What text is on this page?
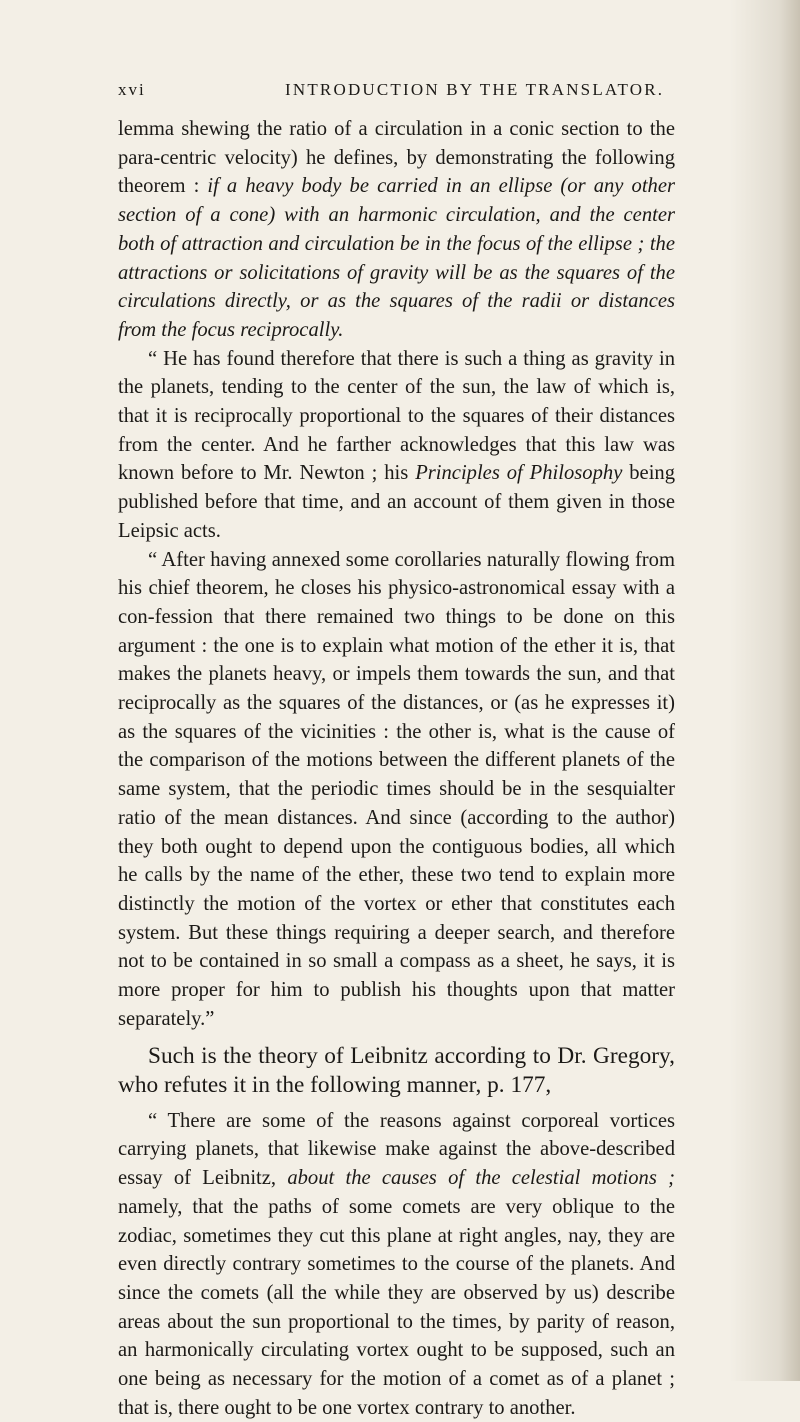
xvi	INTRODUCTION BY THE TRANSLATOR.

lemma shewing the ratio of a circulation in a conic section to the para-centric velocity) he defines, by demonstrating the following theorem : if a heavy body be carried in an ellipse (or any other section of a cone) with an harmonic circulation, and the center both of attraction and circulation be in the focus of the ellipse ; the attractions or solicitations of gravity will be as the squares of the circulations directly, or as the squares of the radii or distances from the focus reciprocally.

“ He has found therefore that there is such a thing as gravity in the planets, tending to the center of the sun, the law of which is, that it is reciprocally proportional to the squares of their distances from the center. And he farther acknowledges that this law was known before to Mr. Newton ; his Principles of Philosophy being published before that time, and an account of them given in those Leipsic acts.

“ After having annexed some corollaries naturally flowing from his chief theorem, he closes his physico-astronomical essay with a con-fession that there remained two things to be done on this argument : the one is to explain what motion of the ether it is, that makes the planets heavy, or impels them towards the sun, and that reciprocally as the squares of the distances, or (as he expresses it) as the squares of the vicinities : the other is, what is the cause of the comparison of the motions between the different planets of the same system, that the periodic times should be in the sesquialter ratio of the mean distances. And since (according to the author) they both ought to depend upon the contiguous bodies, all which he calls by the name of the ether, these two tend to explain more distinctly the motion of the vortex or ether that constitutes each system. But these things requiring a deeper search, and therefore not to be contained in so small a compass as a sheet, he says, it is more proper for him to publish his thoughts upon that matter separately.”

Such is the theory of Leibnitz according to Dr. Gregory, who refutes it in the following manner, p. 177,

“ There are some of the reasons against corporeal vortices carrying planets, that likewise make against the above-described essay of Leibnitz, about the causes of the celestial motions ; namely, that the paths of some comets are very oblique to the zodiac, sometimes they cut this plane at right angles, nay, they are even directly contrary sometimes to the course of the planets. And since the comets (all the while they are observed by us) describe areas about the sun proportional to the times, by parity of reason, an harmonically circulating vortex ought to be supposed, such an one being as necessary for the motion of a comet as of a planet ; that is, there ought to be one vortex contrary to another.
